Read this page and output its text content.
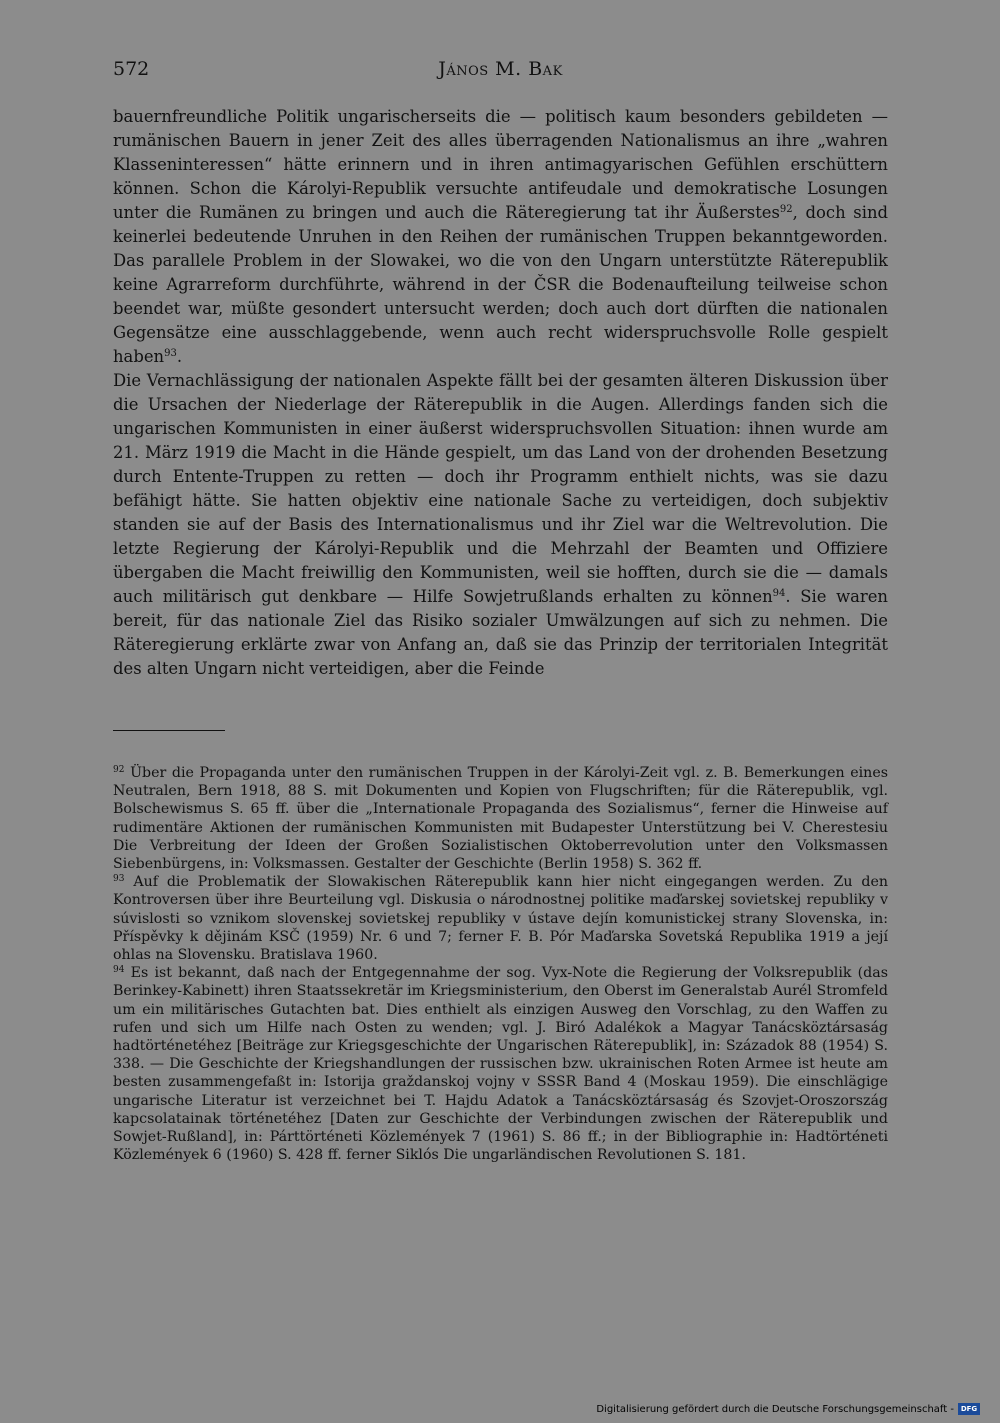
572	János M. Bak

bauernfreundliche Politik ungarischerseits die — politisch kaum besonders gebildeten — rumänischen Bauern in jener Zeit des alles überragenden Nationalismus an ihre „wahren Klasseninteressen“ hätte erinnern und in ihren antimagyarischen Gefühlen erschüttern können. Schon die Károlyi-Republik versuchte antifeudale und demokratische Losungen unter die Rumänen zu bringen und auch die Räteregierung tat ihr Äußerstes$^{92}$, doch sind keinerlei bedeutende Unruhen in den Reihen der rumänischen Truppen bekanntgeworden. Das parallele Problem in der Slowakei, wo die von den Ungarn unterstützte Räterepublik keine Agrarreform durchführte, während in der ČSR die Bodenaufteilung teilweise schon beendet war, müßte gesondert untersucht werden; doch auch dort dürften die nationalen Gegensätze eine ausschlaggebende, wenn auch recht widerspruchsvolle Rolle gespielt haben$^{93}$.

Die Vernachlässigung der nationalen Aspekte fällt bei der gesamten älteren Diskussion über die Ursachen der Niederlage der Räterepublik in die Augen. Allerdings fanden sich die ungarischen Kommunisten in einer äußerst widerspruchsvollen Situation: ihnen wurde am 21. März 1919 die Macht in die Hände gespielt, um das Land von der drohenden Besetzung durch Entente-Truppen zu retten — doch ihr Programm enthielt nichts, was sie dazu befähigt hätte. Sie hatten objektiv eine nationale Sache zu verteidigen, doch subjektiv standen sie auf der Basis des Internationalismus und ihr Ziel war die Weltrevolution. Die letzte Regierung der Károlyi-Republik und die Mehrzahl der Beamten und Offiziere übergaben die Macht freiwillig den Kommunisten, weil sie hofften, durch sie die — damals auch militärisch gut denkbare — Hilfe Sowjetrußlands erhalten zu können$^{94}$. Sie waren bereit, für das nationale Ziel das Risiko sozialer Umwälzungen auf sich zu nehmen. Die Räteregierung erklärte zwar von Anfang an, daß sie das Prinzip der territorialen Integrität des alten Ungarn nicht verteidigen, aber die Feinde

$^{92}$ Über die Propaganda unter den rumänischen Truppen in der Károlyi-Zeit vgl. z. B. Bemerkungen eines Neutralen, Bern 1918, 88 S. mit Dokumenten und Kopien von Flugschriften; für die Räterepublik, vgl. Bolschewismus S. 65 ff. über die „Internationale Propaganda des Sozialismus“, ferner die Hinweise auf rudimentäre Aktionen der rumänischen Kommunisten mit Budapester Unterstützung bei V. Cherestesiu Die Verbreitung der Ideen der Großen Sozialistischen Oktoberrevolution unter den Volksmassen Siebenbürgens, in: Volksmassen. Gestalter der Geschichte (Berlin 1958) S. 362 ff.

$^{93}$ Auf die Problematik der Slowakischen Räterepublik kann hier nicht eingegangen werden. Zu den Kontroversen über ihre Beurteilung vgl. Diskusia o národnostnej politike maďarskej sovietskej republiky v súvislosti so vznikom slovenskej sovietskej republiky v ústave dejín komunistickej strany Slovenska, in: Příspěvky k dějinám KSČ (1959) Nr. 6 und 7; ferner F. B. Pór Maďarska Sovetská Republika 1919 a její ohlas na Slovensku. Bratislava 1960.

$^{94}$ Es ist bekannt, daß nach der Entgegennahme der sog. Vyx-Note die Regierung der Volksrepublik (das Berinkey-Kabinett) ihren Staatssekretär im Kriegsministerium, den Oberst im Generalstab Aurél Stromfeld um ein militärisches Gutachten bat. Dies enthielt als einzigen Ausweg den Vorschlag, zu den Waffen zu rufen und sich um Hilfe nach Osten zu wenden; vgl. J. Biró Adalékok a Magyar Tanácsköztársaság hadtörténetéhez [Beiträge zur Kriegsgeschichte der Ungarischen Räterepublik], in: Századok 88 (1954) S. 338. — Die Geschichte der Kriegshandlungen der russischen bzw. ukrainischen Roten Armee ist heute am besten zusammengefaßt in: Istorija graždanskoj vojny v SSSR Band 4 (Moskau 1959). Die einschlägige ungarische Literatur ist verzeichnet bei T. Hajdu Adatok a Tanácsköztársaság és Szovjet-Oroszország kapcsolatainak történetéhez [Daten zur Geschichte der Verbindungen zwischen der Räterepublik und Sowjet-Rußland], in: Párttörténeti Közlemények 7 (1961) S. 86 ff.; in der Bibliographie in: Hadtörténeti Közlemények 6 (1960) S. 428 ff. ferner Siklós Die ungarländischen Revolutionen S. 181.

Digitalisierung gefördert durch die Deutsche Forschungsgemeinschaft - DFG
